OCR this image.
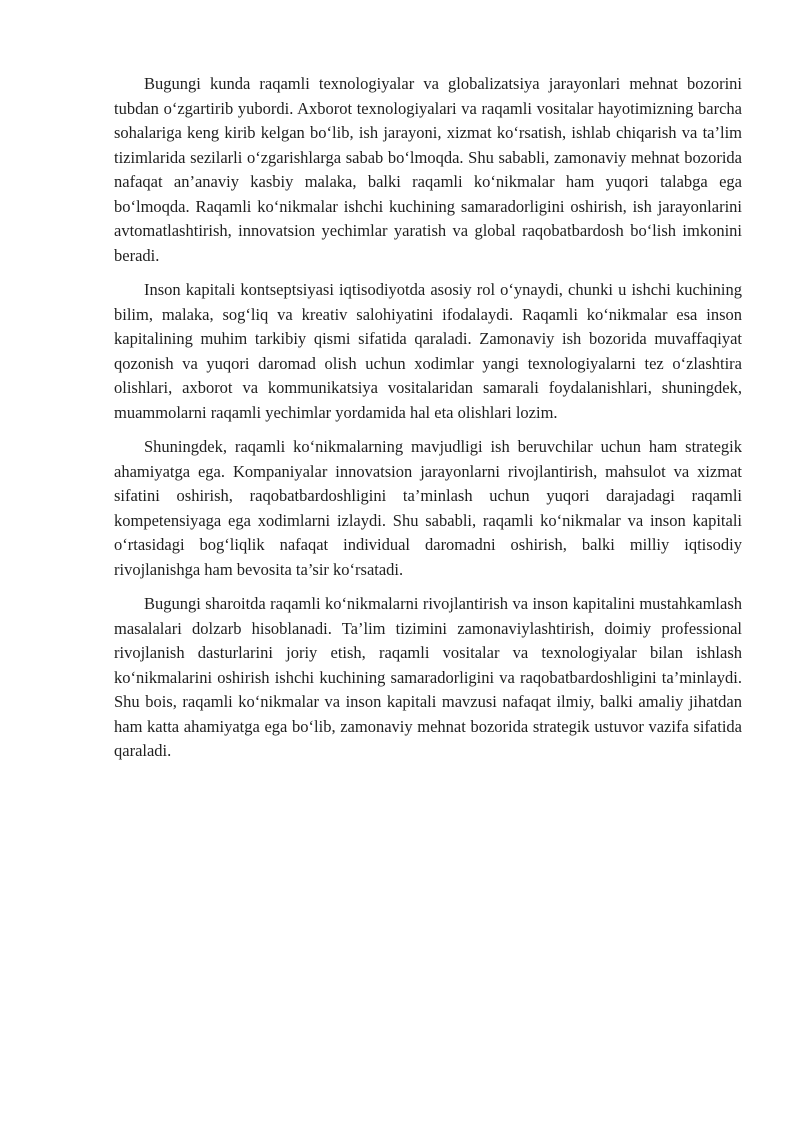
Bugungi kunda raqamli texnologiyalar va globalizatsiya jarayonlari mehnat bozorini tubdan o‘zgartirib yubordi. Axborot texnologiyalari va raqamli vositalar hayotimizning barcha sohalariga keng kirib kelgan bo‘lib, ish jarayoni, xizmat ko‘rsatish, ishlab chiqarish va ta’lim tizimlarida sezilarli o‘zgarishlarga sabab bo‘lmoqda. Shu sababli, zamonaviy mehnat bozorida nafaqat an’anaviy kasbiy malaka, balki raqamli ko‘nikmalar ham yuqori talabga ega bo‘lmoqda. Raqamli ko‘nikmalar ishchi kuchining samaradorligini oshirish, ish jarayonlarini avtomatlashtirish, innovatsion yechimlar yaratish va global raqobatbardosh bo‘lish imkonini beradi.

Inson kapitali kontseptsiyasi iqtisodiyotda asosiy rol o‘ynaydi, chunki u ishchi kuchining bilim, malaka, sog‘liq va kreativ salohiyatini ifodalaydi. Raqamli ko‘nikmalar esa inson kapitalining muhim tarkibiy qismi sifatida qaraladi. Zamonaviy ish bozorida muvaffaqiyat qozonish va yuqori daromad olish uchun xodimlar yangi texnologiyalarni tez o‘zlashtira olishlari, axborot va kommunikatsiya vositalaridan samarali foydalanishlari, shuningdek, muammolarni raqamli yechimlar yordamida hal eta olishlari lozim.

Shuningdek, raqamli ko‘nikmalarning mavjudligi ish beruvchilar uchun ham strategik ahamiyatga ega. Kompaniyalar innovatsion jarayonlarni rivojlantirish, mahsulot va xizmat sifatini oshirish, raqobatbardoshligini ta’minlash uchun yuqori darajadagi raqamli kompetensiyaga ega xodimlarni izlaydi. Shu sababli, raqamli ko‘nikmalar va inson kapitali o‘rtasidagi bog‘liqlik nafaqat individual daromadni oshirish, balki milliy iqtisodiy rivojlanishga ham bevosita ta’sir ko‘rsatadi.

Bugungi sharoitda raqamli ko‘nikmalarni rivojlantirish va inson kapitalini mustahkamlash masalalari dolzarb hisoblanadi. Ta’lim tizimini zamonaviylashtirish, doimiy professional rivojlanish dasturlarini joriy etish, raqamli vositalar va texnologiyalar bilan ishlash ko‘nikmalarini oshirish ishchi kuchining samaradorligini va raqobatbardoshligini ta’minlaydi. Shu bois, raqamli ko‘nikmalar va inson kapitali mavzusi nafaqat ilmiy, balki amaliy jihatdan ham katta ahamiyatga ega bo‘lib, zamonaviy mehnat bozorida strategik ustuvor vazifa sifatida qaraladi.
